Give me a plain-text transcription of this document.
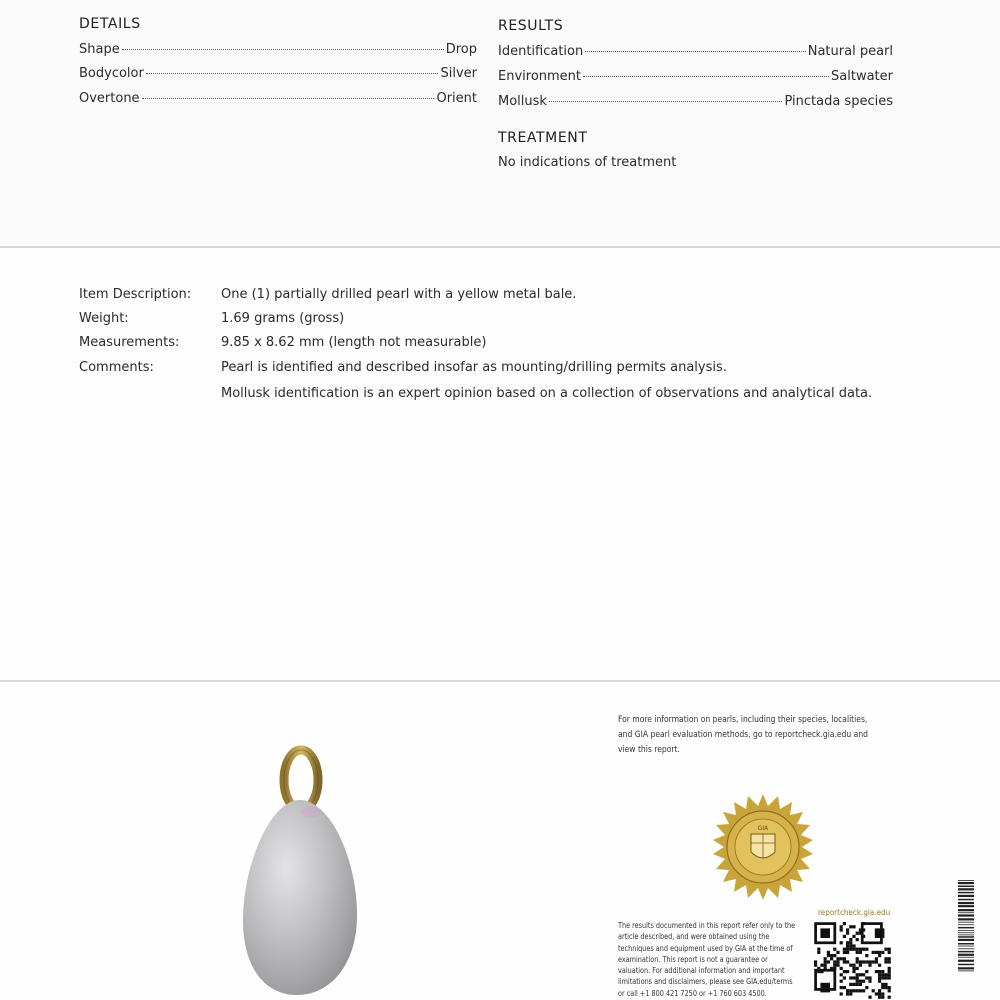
DETAILS
Shape	Drop
Bodycolor	Silver
Overtone	Orient
RESULTS
Identification	Natural pearl
Environment	Saltwater
Mollusk	Pinctada species
TREATMENT
No indications of treatment
Item Description: One (1) partially drilled pearl with a yellow metal bale.
Weight:	1.69 grams (gross)
Measurements:	9.85 x 8.62 mm (length not measurable)
Comments:	Pearl is identified and described insofar as mounting/drilling permits analysis.
Mollusk identification is an expert opinion based on a collection of observations and analytical data.
For more information on pearls, including their species, localities, and GIA pearl evaluation methods, go to reportcheck.gia.edu and view this report.
GIA
reportcheck.gia.edu
The results documented in this report refer only to the article described, and were obtained using the techniques and equipment used by GIA at the time of examination. This report is not a guarantee or valuation. For additional information and important limitations and disclaimers, please see GIA.edu/terms or call +1 800 421 7250 or +1 760 603 4500.
